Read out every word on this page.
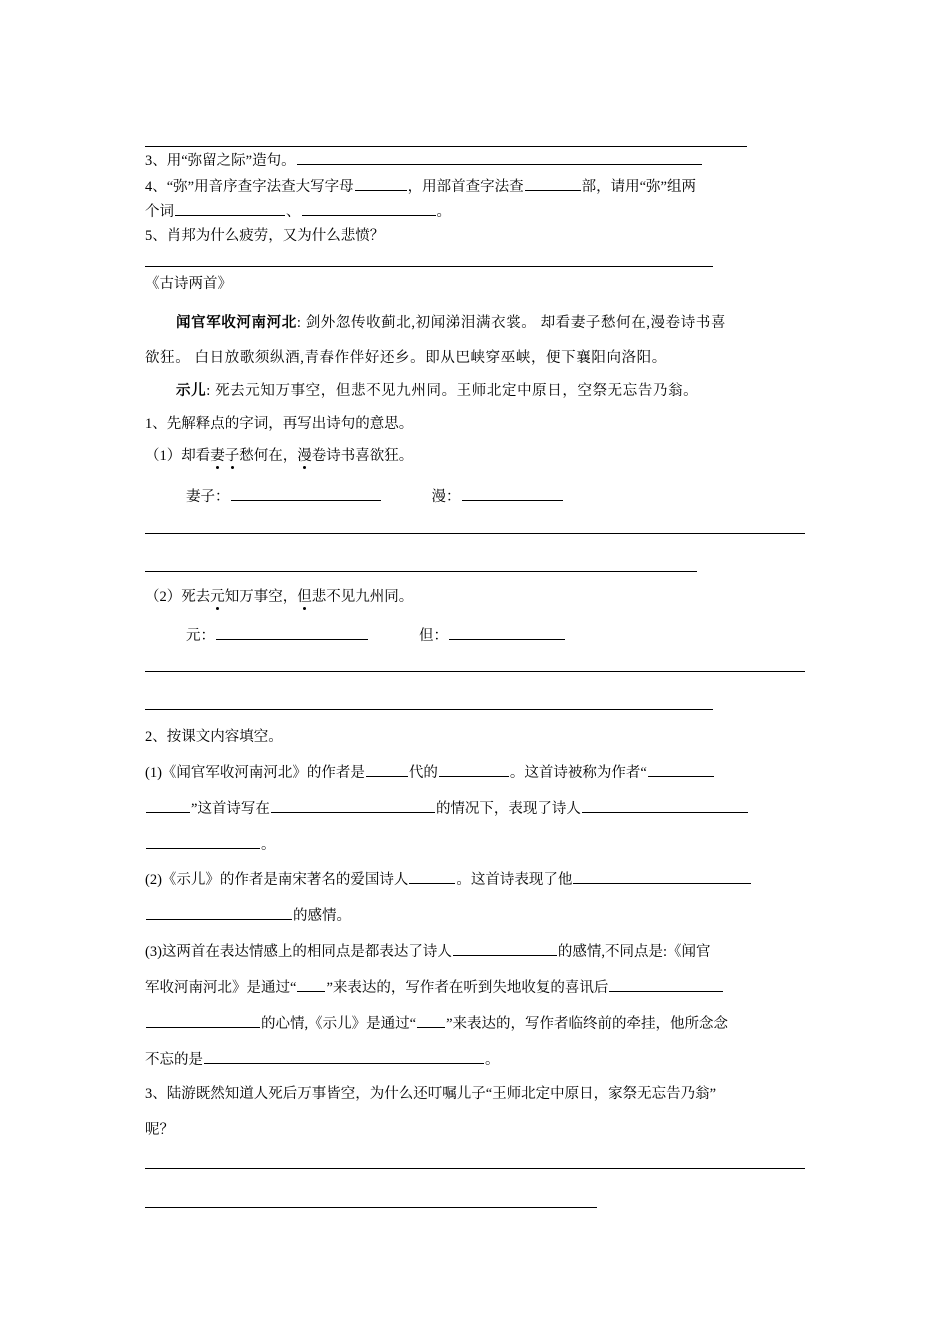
3、用“弥留之际”造句。
4、“弥”用音序查字法查大写字母	，用部首查字法查	部，请用“弥”组两
个词	、	。
5、肖邦为什么疲劳，又为什么悲愤？
《古诗两首》
闻官军收河南河北: 剑外忽传收蓟北,初闻涕泪满衣裳。 却看妻子愁何在,漫卷诗书喜
欲狂。 白日放歌须纵酒,青春作伴好还乡。即从巴峡穿巫峡，便下襄阳向洛阳。
示儿: 死去元知万事空，但悲不见九州同。王师北定中原日，空祭无忘告乃翁。
1、先解释点的字词，再写出诗句的意思。
（1）却看妻子愁何在，漫卷诗书喜欲狂。
妻子：	漫：
（2）死去元知万事空，但悲不见九州同。
元：	但：
2、按课文内容填空。
(1)《闻官军收河南河北》的作者是	代的	。这首诗被称为作者“
”这首诗写在	的情况下，表现了诗人
。
(2)《示儿》的作者是南宋著名的爱国诗人	。这首诗表现了他
的感情。
(3)这两首在表达情感上的相同点是都表达了诗人	的感情,不同点是:《闻官
军收河南河北》是通过“ ”来表达的，写作者在听到失地收复的喜讯后
的心情,《示儿》是通过“ ”来表达的，写作者临终前的牵挂，他所念念
不忘的是	。
3、陆游既然知道人死后万事皆空，为什么还叮嘱儿子“王师北定中原日，家祭无忘告乃翁”
呢？
